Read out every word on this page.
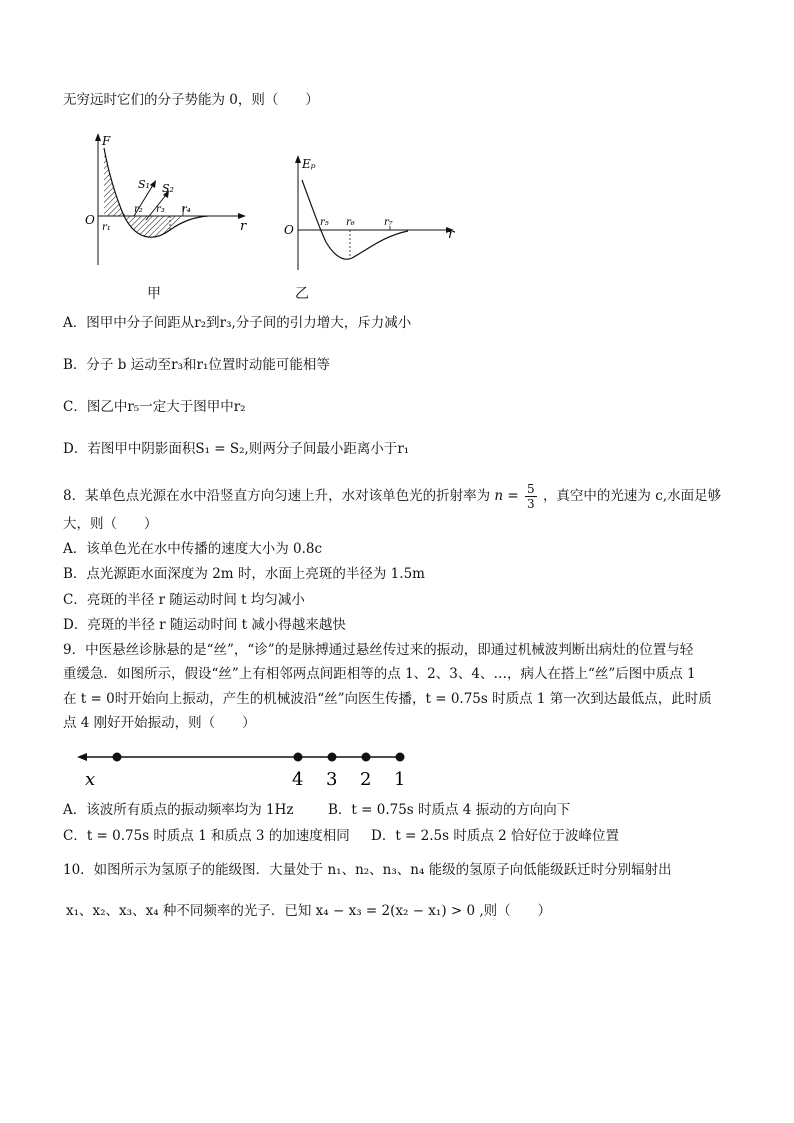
无穷远时它们的分子势能为 0，则（　　）
F
O	r
r₁
r₂ r₃ r₄
S₁ S₂
甲
Eₚ
O	r
r₅ r₆	r₇
乙
A．图甲中分子间距从r₂到r₃,分子间的引力增大，斥力减小
B．分子 b 运动至r₃和r₁位置时动能可能相等
C．图乙中r₅一定大于图甲中r₂
D．若图甲中阴影面积S₁ = S₂,则两分子间最小距离小于r₁
8．某单色点光源在水中沿竖直方向匀速上升，水对该单色光的折射率为 $n = \frac{5}{3}$ ，真空中的光速为 c,水面足够
大，则（　　）
A．该单色光在水中传播的速度大小为 0.8c
B．点光源距水面深度为 2m 时，水面上亮斑的半径为 1.5m
C．亮斑的半径 r 随运动时间 t 均匀减小
D．亮斑的半径 r 随运动时间 t 减小得越来越快
9．中医悬丝诊脉悬的是“丝”，“诊”的是脉搏通过悬丝传过来的振动，即通过机械波判断出病灶的位置与轻
重缓急．如图所示，假设“丝”上有相邻两点间距相等的点 1、2、3、4、…，病人在搭上“丝”后图中质点 1
在 t = 0时开始向上振动，产生的机械波沿“丝”向医生传播，t = 0.75s 时质点 1 第一次到达最低点，此时质
点 4 刚好开始振动，则（　　）
x	4 3 2 1
A．该波所有质点的振动频率均为 1Hz	B．t = 0.75s 时质点 4 振动的方向向下
C．t = 0.75s 时质点 1 和质点 3 的加速度相同 D．t = 2.5s 时质点 2 恰好位于波峰位置
10．如图所示为氢原子的能级图．大量处于 n₁、n₂、n₃、n₄ 能级的氢原子向低能级跃迁时分别辐射出
x₁、x₂、x₃、x₄ 种不同频率的光子．已知 x₄ − x₃ = 2(x₂ − x₁) > 0 ,则（　　）
